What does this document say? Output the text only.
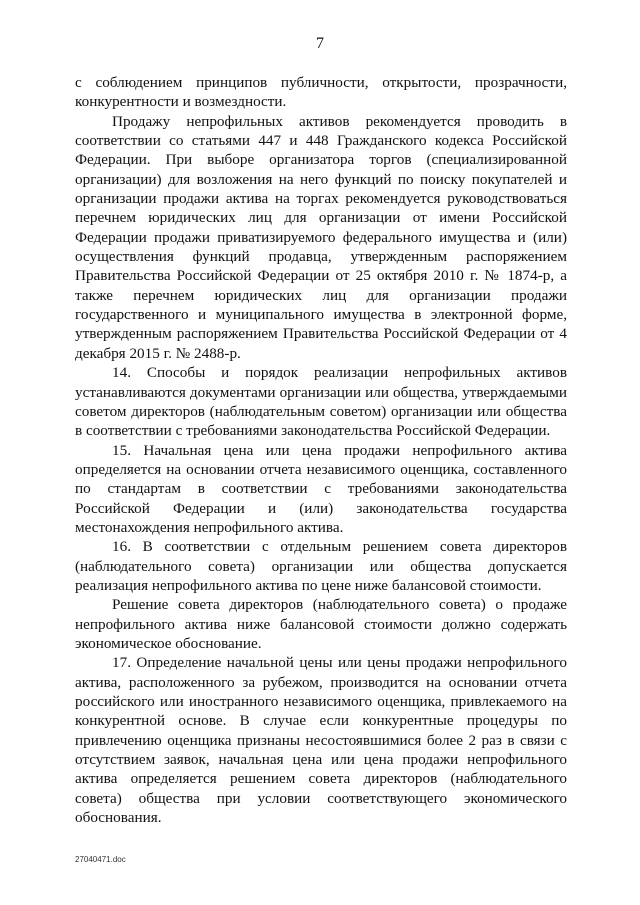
7

с соблюдением принципов публичности, открытости, прозрачности, конкурентности и возмездности.

Продажу непрофильных активов рекомендуется проводить в соответствии со статьями 447 и 448 Гражданского кодекса Российской Федерации. При выборе организатора торгов (специализированной организации) для возложения на него функций по поиску покупателей и организации продажи актива на торгах рекомендуется руководствоваться перечнем юридических лиц для организации от имени Российской Федерации продажи приватизируемого федерального имущества и (или) осуществления функций продавца, утвержденным распоряжением Правительства Российской Федерации от 25 октября 2010 г. № 1874-р, а также перечнем юридических лиц для организации продажи государственного и муниципального имущества в электронной форме, утвержденным распоряжением Правительства Российской Федерации от 4 декабря 2015 г. № 2488-р.

14. Способы и порядок реализации непрофильных активов устанавливаются документами организации или общества, утверждаемыми советом директоров (наблюдательным советом) организации или общества в соответствии с требованиями законодательства Российской Федерации.

15. Начальная цена или цена продажи непрофильного актива определяется на основании отчета независимого оценщика, составленного по стандартам в соответствии с требованиями законодательства Российской Федерации и (или) законодательства государства местонахождения непрофильного актива.

16. В соответствии с отдельным решением совета директоров (наблюдательного совета) организации или общества допускается реализация непрофильного актива по цене ниже балансовой стоимости.

Решение совета директоров (наблюдательного совета) о продаже непрофильного актива ниже балансовой стоимости должно содержать экономическое обоснование.

17. Определение начальной цены или цены продажи непрофильного актива, расположенного за рубежом, производится на основании отчета российского или иностранного независимого оценщика, привлекаемого на конкурентной основе. В случае если конкурентные процедуры по привлечению оценщика признаны несостоявшимися более 2 раз в связи с отсутствием заявок, начальная цена или цена продажи непрофильного актива определяется решением совета директоров (наблюдательного совета) общества при условии соответствующего экономического обоснования.

27040471.doc
